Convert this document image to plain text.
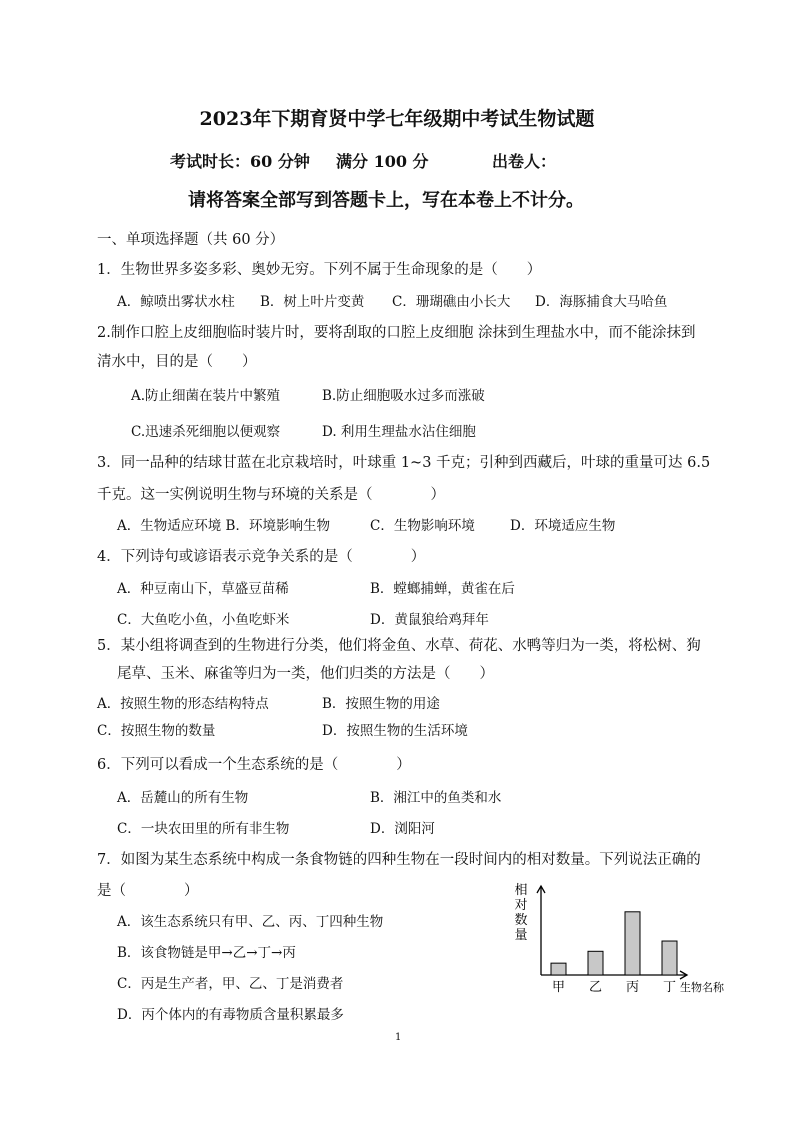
2023年下期育贤中学七年级期中考试生物试题
考试时长：60 分钟 满分 100 分	出卷人：
请将答案全部写到答题卡上，写在本卷上不计分。
一、单项选择题（共 60 分）
1．生物世界多姿多彩、奥妙无穷。下列不属于生命现象的是（　　）
A．鲸喷出雾状水柱 B．树上叶片变黄 C．珊瑚礁由小长大 D．海豚捕食大马哈鱼
2.制作口腔上皮细胞临时装片时，要将刮取的口腔上皮细胞 涂抹到生理盐水中，而不能涂抹到
清水中，目的是（　　）
A.防止细菌在装片中繁殖	B.防止细胞吸水过多而涨破
C.迅速杀死细胞以便观察	D. 利用生理盐水沾住细胞
3．同一品种的结球甘蓝在北京栽培时，叶球重 1~3 千克；引种到西藏后，叶球的重量可达 6.5
千克。这一实例说明生物与环境的关系是（　　　　）
A．生物适应环境 B．环境影响生物	C．生物影响环境	D．环境适应生物
4．下列诗句或谚语表示竞争关系的是（　　　　）
A．种豆南山下，草盛豆苗稀	B．螳螂捕蝉，黄雀在后
C．大鱼吃小鱼，小鱼吃虾米	D．黄鼠狼给鸡拜年
5．某小组将调查到的生物进行分类，他们将金鱼、水草、荷花、水鸭等归为一类，将松树、狗
尾草、玉米、麻雀等归为一类，他们归类的方法是（　　）
A．按照生物的形态结构特点	B．按照生物的用途
C．按照生物的数量	D．按照生物的生活环境
6．下列可以看成一个生态系统的是（　　　　）
A．岳麓山的所有生物	B．湘江中的鱼类和水
C．一块农田里的所有非生物	D．浏阳河
7．如图为某生态系统中构成一条食物链的四种生物在一段时间内的相对数量。下列说法正确的
是（　　　　）
A．该生态系统只有甲、乙、丙、丁四种生物
B．该食物链是甲→乙→丁→丙
C．丙是生产者，甲、乙、丁是消费者
D．丙个体内的有毒物质含量积累最多
相
对
数
量
甲 乙 丙 丁 生物名称
1
